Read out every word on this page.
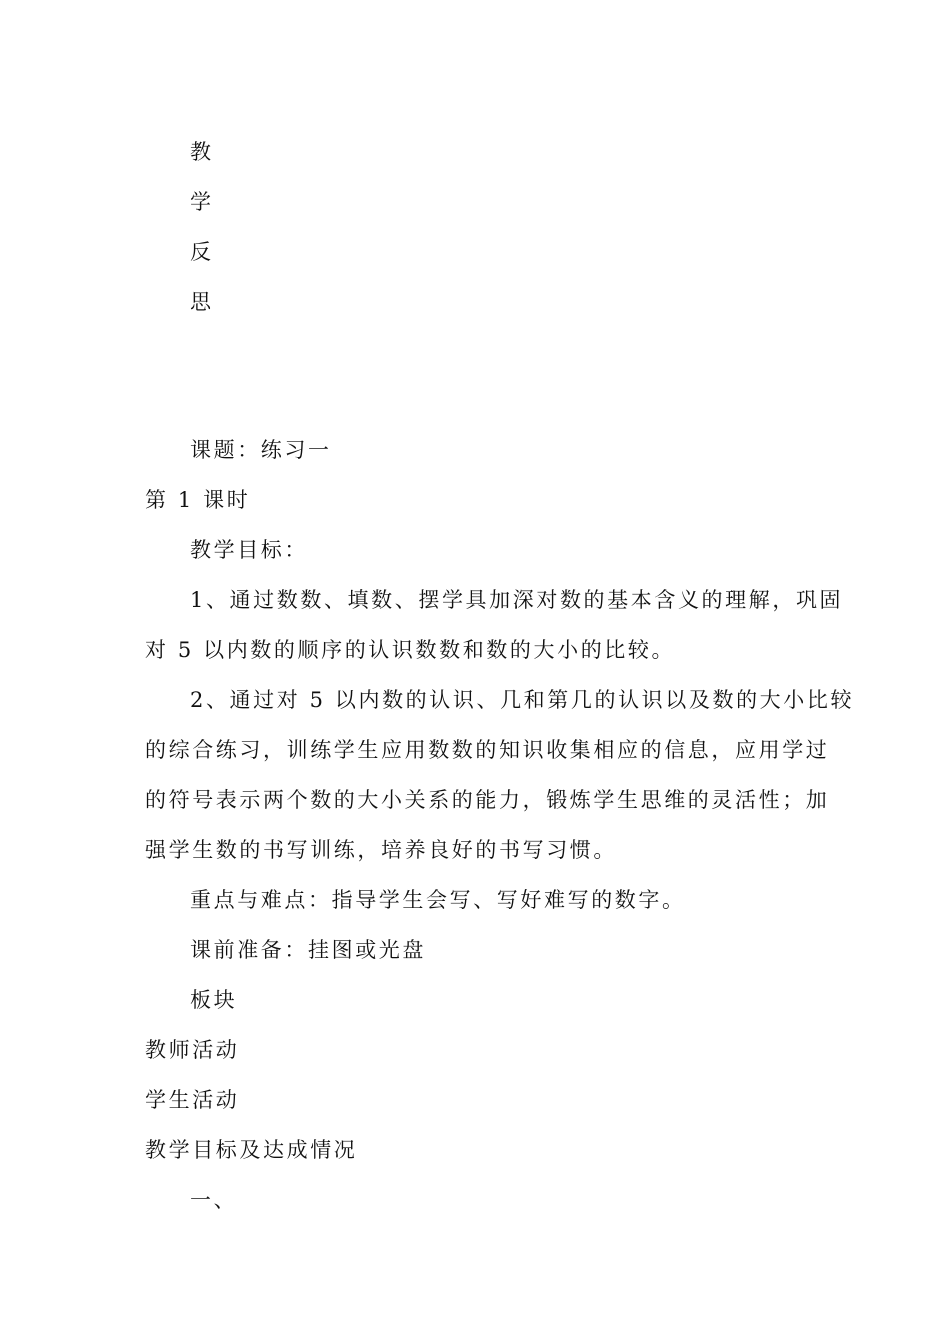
教
学
反
思
课题：练习一
第 1 课时
教学目标：
1、通过数数、填数、摆学具加深对数的基本含义的理解，巩固
对 5 以内数的顺序的认识数数和数的大小的比较。
2、通过对 5 以内数的认识、几和第几的认识以及数的大小比较
的综合练习，训练学生应用数数的知识收集相应的信息，应用学过
的符号表示两个数的大小关系的能力，锻炼学生思维的灵活性；加
强学生数的书写训练，培养良好的书写习惯。
重点与难点：指导学生会写、写好难写的数字。
课前准备：挂图或光盘
板块
教师活动
学生活动
教学目标及达成情况
一、
